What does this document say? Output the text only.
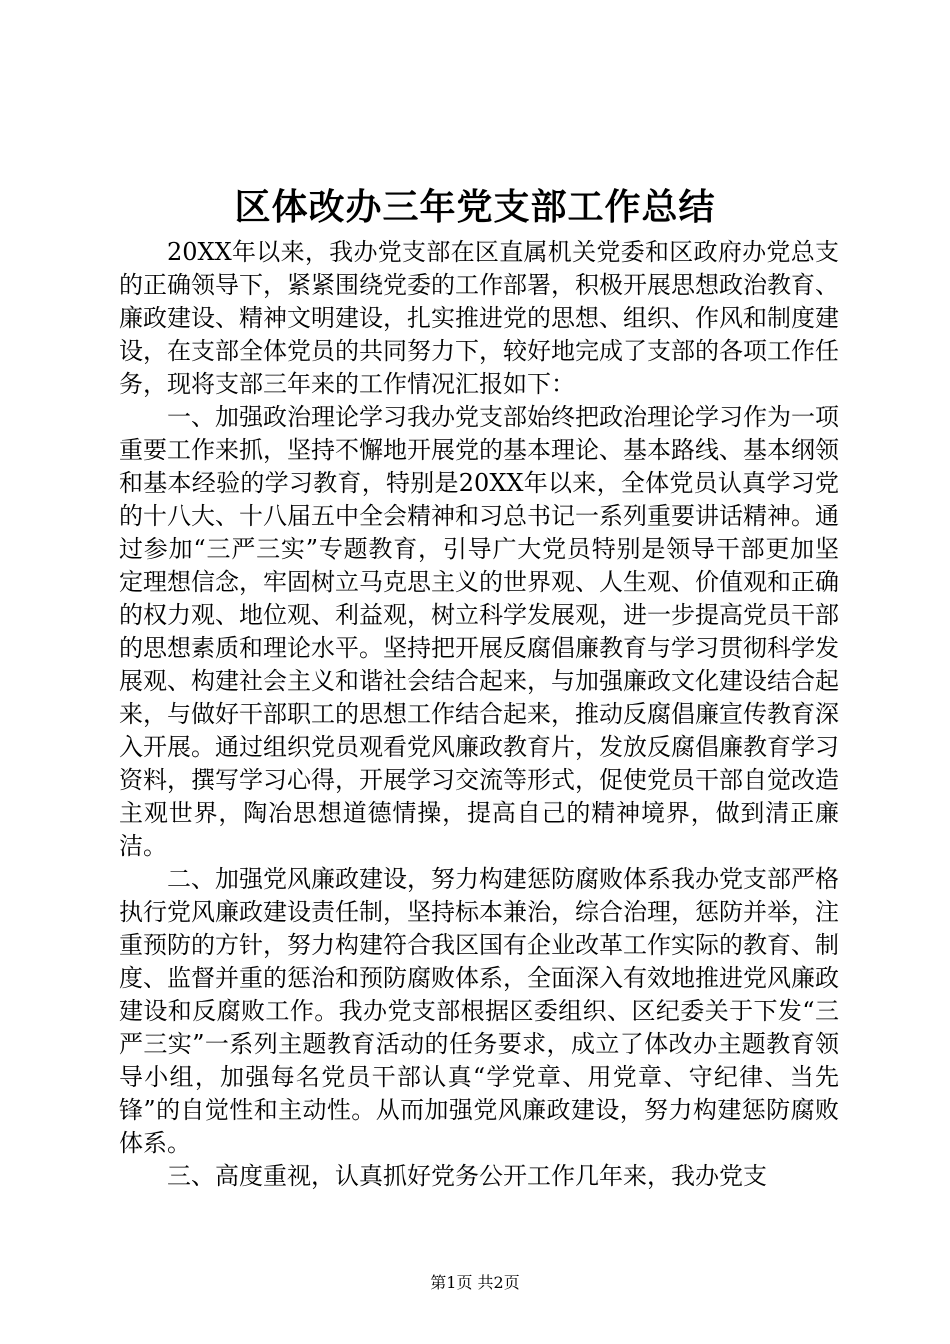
区体改办三年党支部工作总结

20XX年以来，我办党支部在区直属机关党委和区政府办党总支的正确领导下，紧紧围绕党委的工作部署，积极开展思想政治教育、廉政建设、精神文明建设，扎实推进党的思想、组织、作风和制度建设，在支部全体党员的共同努力下，较好地完成了支部的各项工作任务，现将支部三年来的工作情况汇报如下：

一、加强政治理论学习我办党支部始终把政治理论学习作为一项重要工作来抓，坚持不懈地开展党的基本理论、基本路线、基本纲领和基本经验的学习教育，特别是20XX年以来，全体党员认真学习党的十八大、十八届五中全会精神和习总书记一系列重要讲话精神。通过参加“三严三实”专题教育，引导广大党员特别是领导干部更加坚定理想信念，牢固树立马克思主义的世界观、人生观、价值观和正确的权力观、地位观、利益观，树立科学发展观，进一步提高党员干部的思想素质和理论水平。坚持把开展反腐倡廉教育与学习贯彻科学发展观、构建社会主义和谐社会结合起来，与加强廉政文化建设结合起来，与做好干部职工的思想工作结合起来，推动反腐倡廉宣传教育深入开展。通过组织党员观看党风廉政教育片，发放反腐倡廉教育学习资料，撰写学习心得，开展学习交流等形式，促使党员干部自觉改造主观世界，陶冶思想道德情操，提高自己的精神境界，做到清正廉洁。

二、加强党风廉政建设，努力构建惩防腐败体系我办党支部严格执行党风廉政建设责任制，坚持标本兼治，综合治理，惩防并举，注重预防的方针，努力构建符合我区国有企业改革工作实际的教育、制度、监督并重的惩治和预防腐败体系，全面深入有效地推进党风廉政建设和反腐败工作。我办党支部根据区委组织、区纪委关于下发“三严三实”一系列主题教育活动的任务要求，成立了体改办主题教育领导小组，加强每名党员干部认真“学党章、用党章、守纪律、当先锋”的自觉性和主动性。从而加强党风廉政建设，努力构建惩防腐败体系。

三、高度重视，认真抓好党务公开工作几年来，我办党支

第1页 共2页
